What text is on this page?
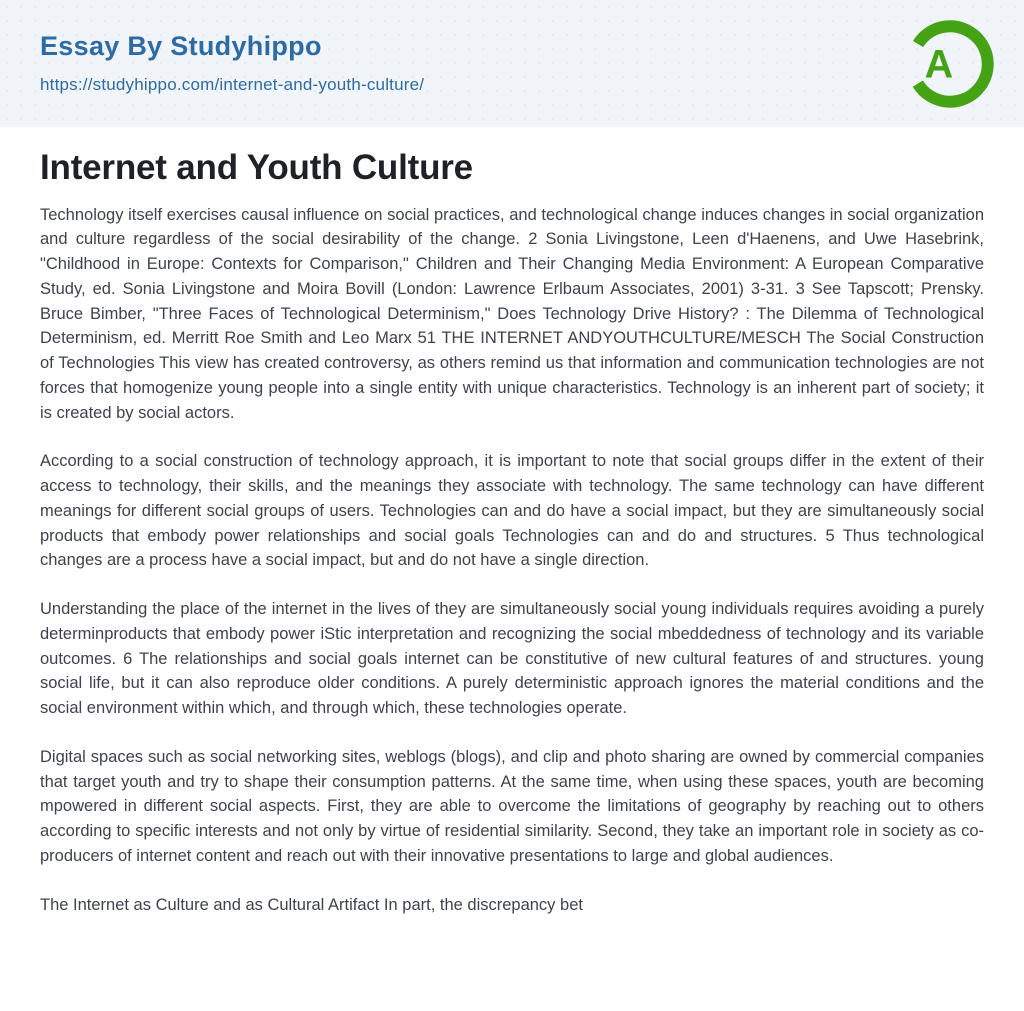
Essay By Studyhippo
https://studyhippo.com/internet-and-youth-culture/	A
Internet and Youth Culture

Technology itself exercises causal influence on social practices, and technological change induces changes in social organization and culture regardless of the social desirability of the change. 2 Sonia Livingstone, Leen d'Haenens, and Uwe Hasebrink, "Childhood in Europe: Contexts for Comparison," Children and Their Changing Media Environment: A European Comparative Study, ed. Sonia Livingstone and Moira Bovill (London: Lawrence Erlbaum Associates, 2001) 3-31. 3 See Tapscott; Prensky. Bruce Bimber, "Three Faces of Technological Determinism," Does Technology Drive History? : The Dilemma of Technological Determinism, ed. Merritt Roe Smith and Leo Marx 51 THE INTERNET ANDYOUTHCULTURE/MESCH The Social Construction of Technologies This view has created controversy, as others remind us that information and communication technologies are not forces that homogenize young people into a single entity with unique characteristics. Technology is an inherent part of society; it is created by social actors.

According to a social construction of technology approach, it is important to note that social groups differ in the extent of their access to technology, their skills, and the meanings they associate with technology. The same technology can have different meanings for different social groups of users. Technologies can and do have a social impact, but they are simultaneously social products that embody power relationships and social goals Technologies can and do and structures. 5 Thus technological changes are a process have a social impact, but and do not have a single direction.

Understanding the place of the internet in the lives of they are simultaneously social young individuals requires avoiding a purely determinproducts that embody power iStic interpretation and recognizing the social mbeddedness of technology and its variable outcomes. 6 The relationships and social goals internet can be constitutive of new cultural features of and structures. young social life, but it can also reproduce older conditions. A purely deterministic approach ignores the material conditions and the social environment within which, and through which, these technologies operate.

Digital spaces such as social networking sites, weblogs (blogs), and clip and photo sharing are owned by commercial companies that target youth and try to shape their consumption patterns. At the same time, when using these spaces, youth are becoming mpowered in different social aspects. First, they are able to overcome the limitations of geography by reaching out to others according to specific interests and not only by virtue of residential similarity. Second, they take an important role in society as co- producers of internet content and reach out with their innovative presentations to large and global audiences.

The Internet as Culture and as Cultural Artifact In part, the discrepancy bet
